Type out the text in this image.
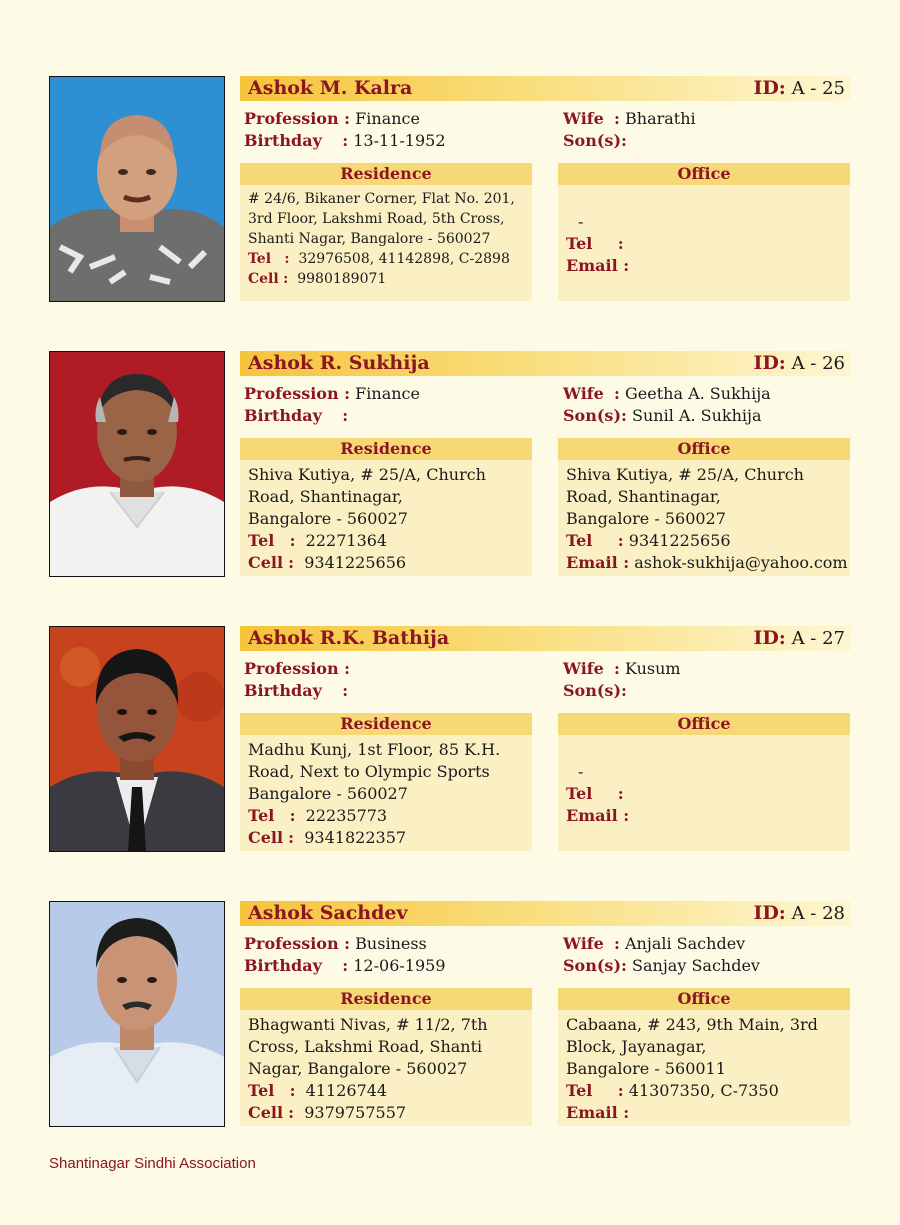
Ashok M. Kalra	ID: A - 25
Profession : Finance	Wife : Bharathi
Birthday : 13-11-1952	Son(s):
Residence
# 24/6, Bikaner Corner, Flat No. 201,
3rd Floor, Lakshmi Road, 5th Cross,
Shanti Nagar, Bangalore - 560027
Tel : 32976508, 41142898, C-2898
Cell : 9980189071
Office
-
Tel :
Email :
Ashok R. Sukhija	ID: A - 26
Profession : Finance	Wife : Geetha A. Sukhija
Birthday :	Son(s): Sunil A. Sukhija
Residence
Shiva Kutiya, # 25/A, Church
Road, Shantinagar,
Bangalore - 560027
Tel : 22271364
Cell : 9341225656
Office
Shiva Kutiya, # 25/A, Church
Road, Shantinagar,
Bangalore - 560027
Tel : 9341225656
Email : ashok-sukhija@yahoo.com
Ashok R.K. Bathija	ID: A - 27
Profession :	Wife : Kusum
Birthday :	Son(s):
Residence
Madhu Kunj, 1st Floor, 85 K.H.
Road, Next to Olympic Sports
Bangalore - 560027
Tel : 22235773
Cell : 9341822357
Office
-
Tel :
Email :
Ashok Sachdev	ID: A - 28
Profession : Business	Wife : Anjali Sachdev
Birthday : 12-06-1959	Son(s): Sanjay Sachdev
Residence
Bhagwanti Nivas, # 11/2, 7th
Cross, Lakshmi Road, Shanti
Nagar, Bangalore - 560027
Tel : 41126744
Cell : 9379757557
Office
Cabaana, # 243, 9th Main, 3rd
Block, Jayanagar,
Bangalore - 560011
Tel : 41307350, C-7350
Email :
Shantinagar Sindhi Association
